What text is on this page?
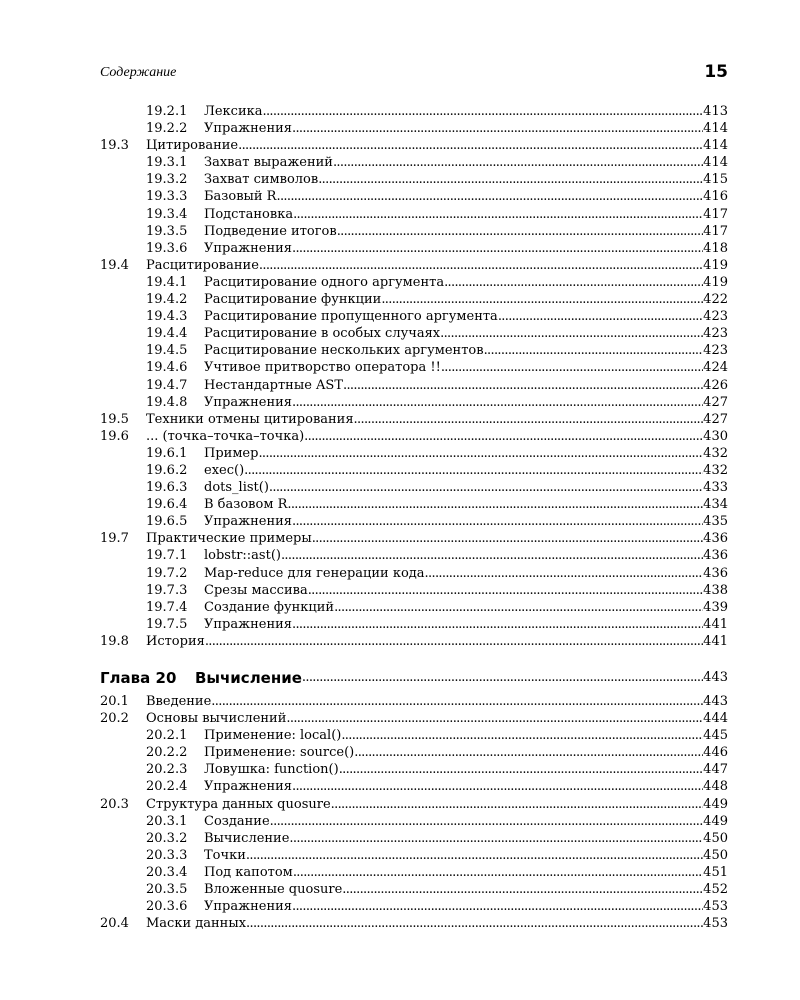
Содержание	15
19.2.1 Лексика . . .	413
19.2.2 Упражнения . . .	414
19.3 Цитирование . . .	414
19.3.1 Захват выражений . . .	414
19.3.2 Захват символов . . .	415
19.3.3 Базовый R . . .	416
19.3.4 Подстановка . . .	417
19.3.5 Подведение итогов . . .	417
19.3.6 Упражнения . . .	418
19.4 Расцитирование . . .	419
19.4.1 Расцитирование одного аргумента . . .	419
19.4.2 Расцитирование функции . . .	422
19.4.3 Расцитирование пропущенного аргумента . . .	423
19.4.4 Расцитирование в особых случаях . . .	423
19.4.5 Расцитирование нескольких аргументов . . .	423
19.4.6 Учтивое притворство оператора !! . . .	424
19.4.7 Нестандартные AST . . .	426
19.4.8 Упражнения . . .	427
19.5 Техники отмены цитирования . . .	427
19.6 ... (точка–точка–точка) . . .	430
19.6.1 Пример . . .	432
19.6.2 exec() . . .	432
19.6.3 dots_list() . . .	433
19.6.4 В базовом R . . .	434
19.6.5 Упражнения . . .	435
19.7 Практические примеры . . .	436
19.7.1 lobstr::ast() . . .	436
19.7.2 Map-reduce для генерации кода . . .	436
19.7.3 Срезы массива . . .	438
19.7.4 Создание функций . . .	439
19.7.5 Упражнения . . .	441
19.8 История . . .	441
Глава 20 Вычисление . . .	443
20.1 Введение . . .	443
20.2 Основы вычислений . . .	444
20.2.1 Применение: local() . . .	445
20.2.2 Применение: source() . . .	446
20.2.3 Ловушка: function() . . .	447
20.2.4 Упражнения . . .	448
20.3 Структура данных quosure . . .	449
20.3.1 Создание . . .	449
20.3.2 Вычисление . . .	450
20.3.3 Точки . . .	450
20.3.4 Под капотом . . .	451
20.3.5 Вложенные quosure . . .	452
20.3.6 Упражнения . . .	453
20.4 Маски данных . . .	453
